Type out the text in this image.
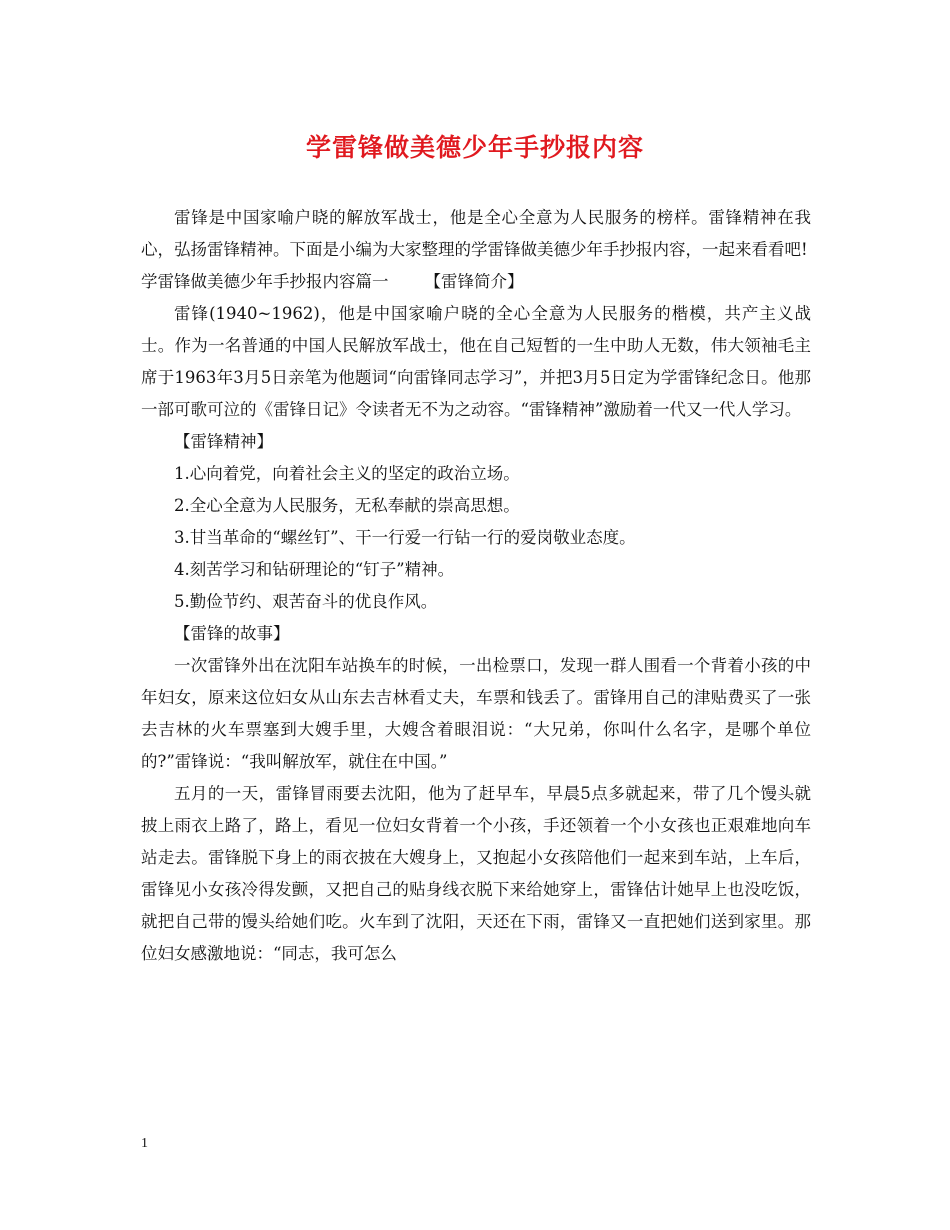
学雷锋做美德少年手抄报内容

雷锋是中国家喻户晓的解放军战士，他是全心全意为人民服务的榜样。雷锋精神在我心，弘扬雷锋精神。下面是小编为大家整理的学雷锋做美德少年手抄报内容，一起来看看吧!

学雷锋做美德少年手抄报内容篇一 【雷锋简介】

雷锋(1940~1962)，他是中国家喻户晓的全心全意为人民服务的楷模，共产主义战士。作为一名普通的中国人民解放军战士，他在自己短暂的一生中助人无数，伟大领袖毛主席于1963年3月5日亲笔为他题词“向雷锋同志学习”，并把3月5日定为学雷锋纪念日。他那一部可歌可泣的《雷锋日记》令读者无不为之动容。“雷锋精神”激励着一代又一代人学习。

【雷锋精神】

1.心向着党，向着社会主义的坚定的政治立场。

2.全心全意为人民服务，无私奉献的崇高思想。

3.甘当革命的“螺丝钉”、干一行爱一行钻一行的爱岗敬业态度。

4.刻苦学习和钻研理论的“钉子”精神。

5.勤俭节约、艰苦奋斗的优良作风。

【雷锋的故事】

一次雷锋外出在沈阳车站换车的时候，一出检票口，发现一群人围看一个背着小孩的中年妇女，原来这位妇女从山东去吉林看丈夫，车票和钱丢了。雷锋用自己的津贴费买了一张去吉林的火车票塞到大嫂手里，大嫂含着眼泪说：“大兄弟，你叫什么名字，是哪个单位的?”雷锋说：“我叫解放军，就住在中国。”

五月的一天，雷锋冒雨要去沈阳，他为了赶早车，早晨5点多就起来，带了几个馒头就披上雨衣上路了，路上，看见一位妇女背着一个小孩，手还领着一个小女孩也正艰难地向车站走去。雷锋脱下身上的雨衣披在大嫂身上，又抱起小女孩陪他们一起来到车站，上车后，雷锋见小女孩冷得发颤，又把自己的贴身线衣脱下来给她穿上，雷锋估计她早上也没吃饭，就把自己带的馒头给她们吃。火车到了沈阳，天还在下雨，雷锋又一直把她们送到家里。那位妇女感激地说：“同志，我可怎么

1
